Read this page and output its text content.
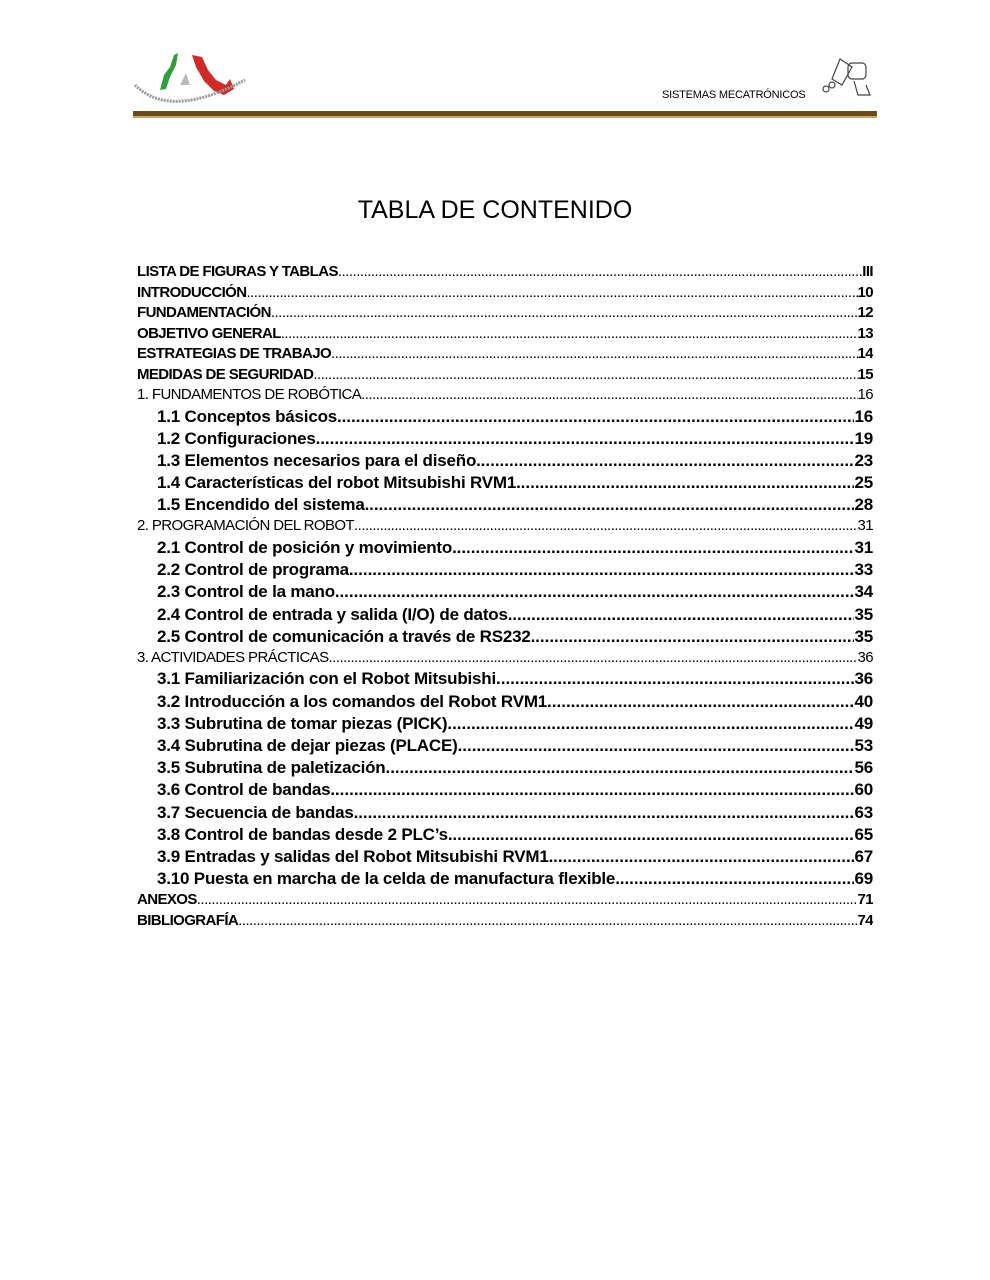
SISTEMAS MECATRÓNICOS
TABLA DE CONTENIDO
LISTA DE FIGURAS Y TABLAS .....	III
INTRODUCCIÓN .....	10
FUNDAMENTACIÓN .....	12
OBJETIVO GENERAL .....	13
ESTRATEGIAS DE TRABAJO .....	14
MEDIDAS DE SEGURIDAD .....	15
1. FUNDAMENTOS DE ROBÓTICA. .....	16
1.1 Conceptos básicos. .....	16
1.2 Configuraciones. .....	19
1.3 Elementos necesarios para el diseño. .....	23
1.4 Características del robot Mitsubishi RVM1. .....	25
1.5 Encendido del sistema. .....	28
2. PROGRAMACIÓN DEL ROBOT .....	31
2.1 Control de posición y movimiento. .....	31
2.2 Control de programa. .....	33
2.3 Control de la mano. .....	34
2.4 Control de entrada y salida (I/O) de datos. .....	35
2.5 Control de comunicación a través de RS232. .....	35
3. ACTIVIDADES PRÁCTICAS .....	36
3.1 Familiarización con el Robot Mitsubishi .....	36
3.2 Introducción a los comandos del Robot RVM1 .....	40
3.3 Subrutina de tomar piezas (PICK) .....	49
3.4 Subrutina de dejar piezas (PLACE) .....	53
3.5 Subrutina de paletización .....	56
3.6 Control de bandas. .....	60
3.7 Secuencia de bandas. .....	63
3.8 Control de bandas desde 2 PLC’s. .....	65
3.9 Entradas y salidas del Robot Mitsubishi RVM1. .....	67
3.10 Puesta en marcha de la celda de manufactura flexible. .....	69
ANEXOS .....	71
BIBLIOGRAFÍA .....	74
